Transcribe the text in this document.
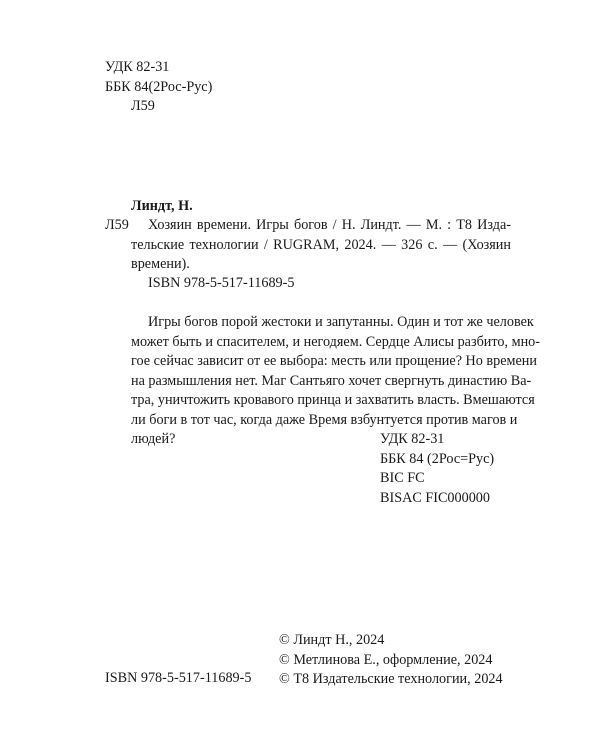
УДК 82-31
ББК 84(2Рос-Рус)
Л59
Линдт, Н.
Л59	Хозяин времени. Игры богов / Н. Линдт. — М. : Т8 Изда-
тельские технологии / RUGRAM, 2024. — 326 с. — (Хозяин
времени).
ISBN 978-5-517-11689-5
Игры богов порой жестоки и запутанны. Один и тот же человек
может быть и спасителем, и негодяем. Сердце Алисы разбито, мно-
гое сейчас зависит от ее выбора: месть или прощение? Но времени
на размышления нет. Маг Сантьяго хочет свергнуть династию Ва-
тра, уничтожить кровавого принца и захватить власть. Вмешаются
ли боги в тот час, когда даже Время взбунтуется против магов и
людей?	УДК 82-31
ББК 84 (2Рос=Рус)
BIC FC
BISAC FIC000000
© Линдт Н., 2024
© Метлинова Е., оформление, 2024
© Т8 Издательские технологии, 2024
ISBN 978-5-517-11689-5
